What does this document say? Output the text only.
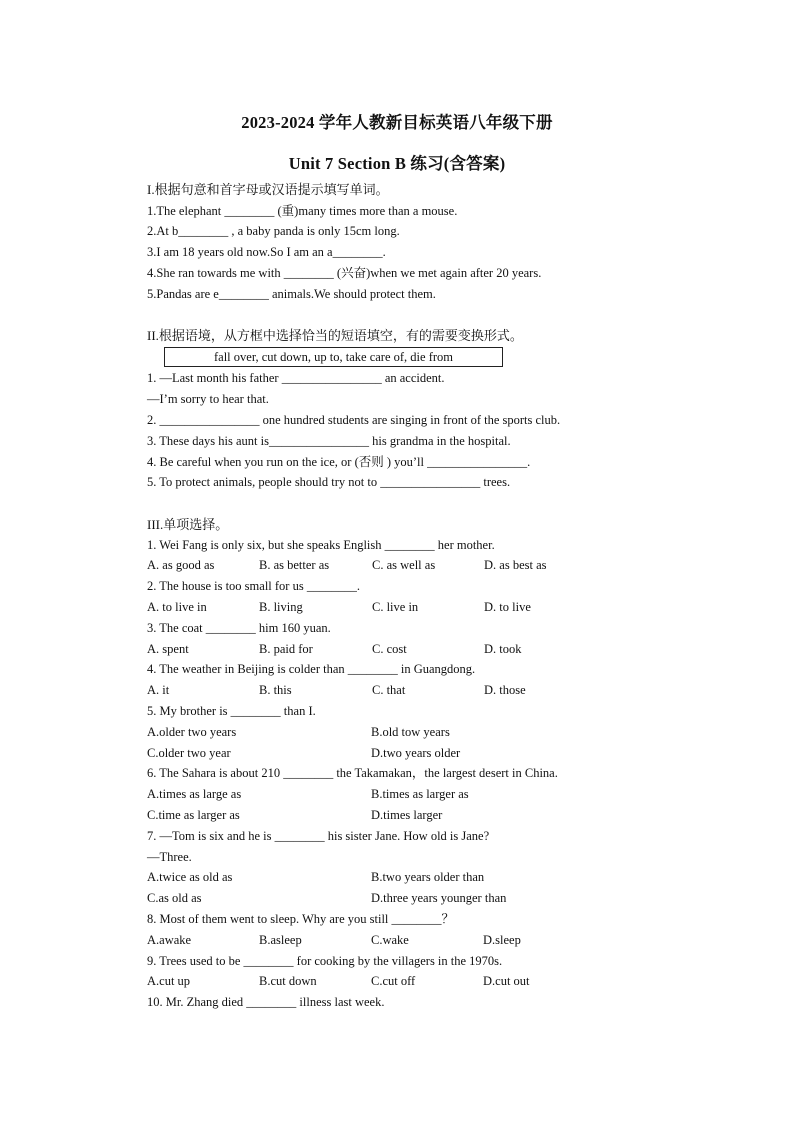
2023-2024 学年人教新目标英语八年级下册
Unit 7 Section B 练习(含答案)
I.根据句意和首字母或汉语提示填写单词。
1.The elephant ________ (重)many times more than a mouse.
2.At b________ , a baby panda is only 15cm long.
3.I am 18 years old now.So I am an a________.
4.She ran towards me with ________ (兴奋)when we met again after 20 years.
5.Pandas are e________ animals.We should protect them.
II.根据语境，从方框中选择恰当的短语填空，有的需要变换形式。
fall over, cut down, up to, take care of, die from
1. —Last month his father ________________ an accident.
—I’m sorry to hear that.
2. ________________ one hundred students are singing in front of the sports club.
3. These days his aunt is________________ his grandma in the hospital.
4. Be careful when you run on the ice, or (否则 ) you’ll ________________.
5. To protect animals, people should try not to ________________ trees.
III.单项选择。
1. Wei Fang is only six, but she speaks English ________ her mother.
A. as good as	B. as better as	C. as well as	D. as best as
2. The house is too small for us ________.
A. to live in	B. living	C. live in	D. to live
3. The coat ________ him 160 yuan.
A. spent	B. paid for	C. cost	D. took
4. The weather in Beijing is colder than ________ in Guangdong.
A. it	B. this	C. that	D. those
5. My brother is ________ than I.
A.older two years	B.old tow years
C.older two year	D.two years older
6. The Sahara is about 210 ________ the Takamakan，the largest desert in China.
A.times as large as	B.times as larger as
C.time as larger as	D.times larger
7. —Tom is six and he is ________ his sister Jane. How old is Jane?
—Three.
A.twice as old as	B.two years older than
C.as old as	D.three years younger than
8. Most of them went to sleep. Why are you still ________？
A.awake	B.asleep	C.wake	D.sleep
9. Trees used to be ________ for cooking by the villagers in the 1970s.
A.cut up	B.cut down	C.cut off	D.cut out
10. Mr. Zhang died ________ illness last week.
